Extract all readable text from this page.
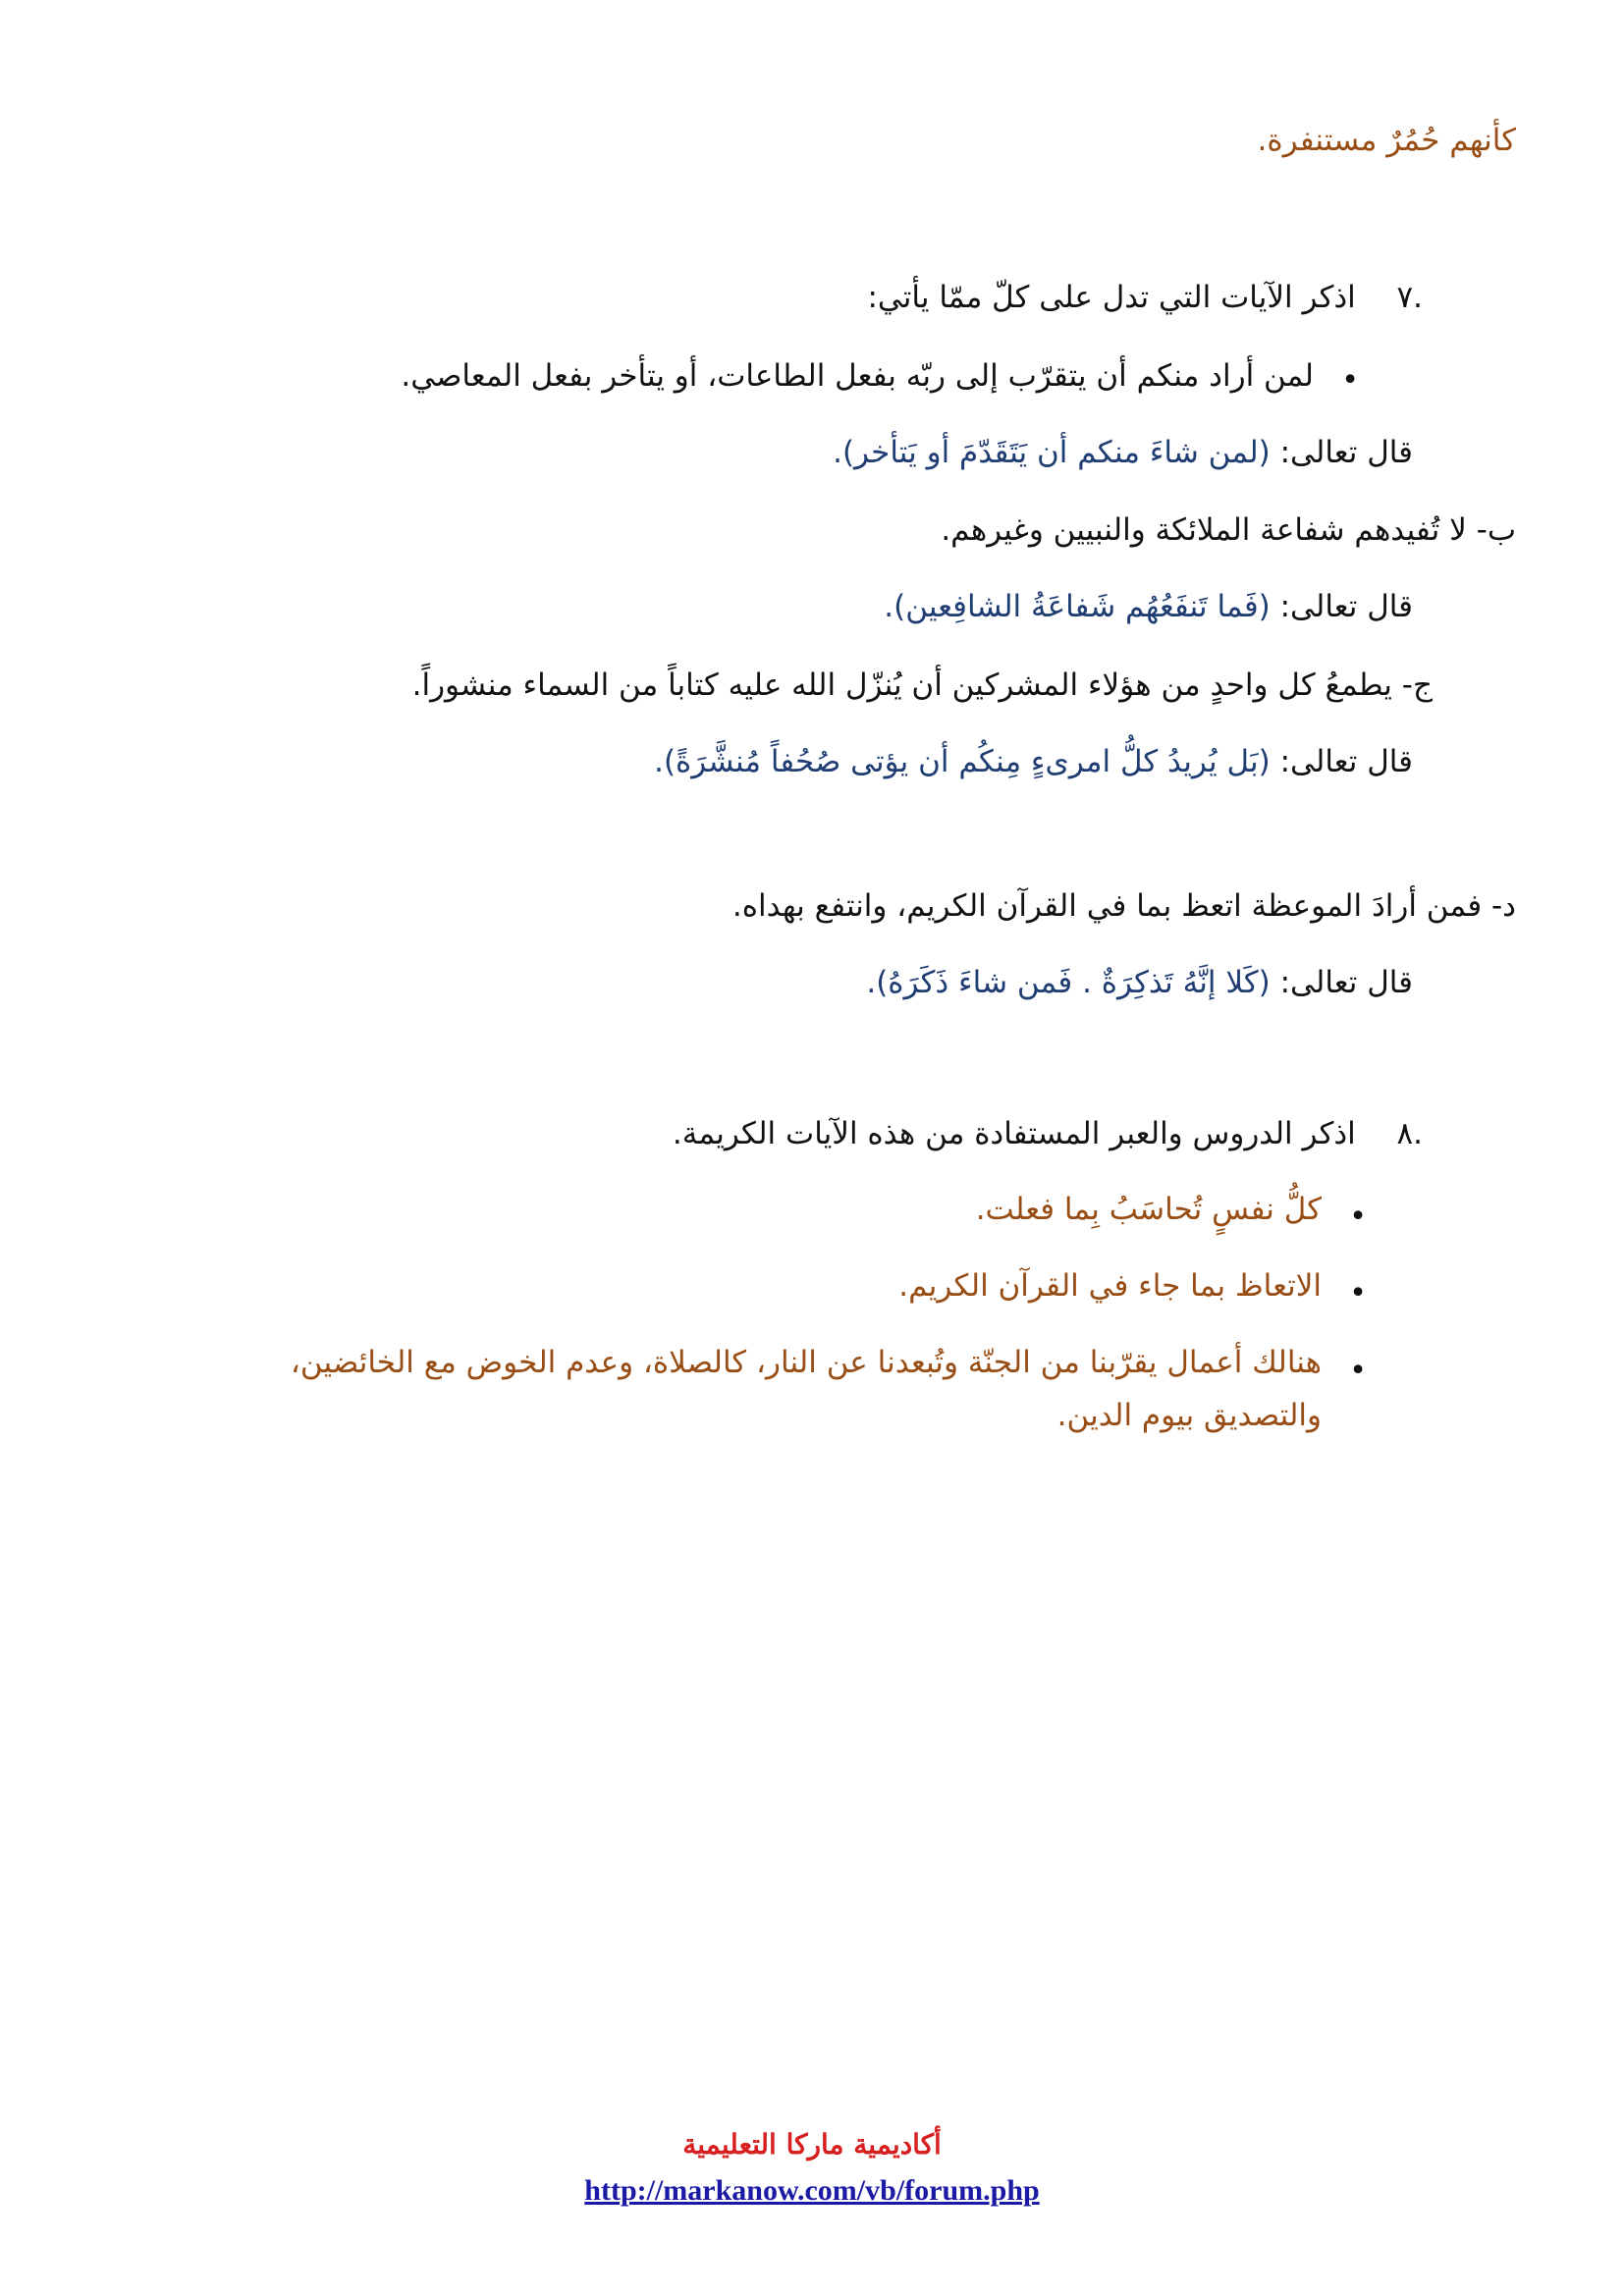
كأنهم حُمُرٌ مستنفرة.
.٧  اذكر الآيات التي تدل على كلّ ممّا يأتي:
•
لمن أراد منكم أن يتقرّب إلى ربّه بفعل الطاعات، أو يتأخر بفعل المعاصي.
قال تعالى: (لمن شاءَ منكم أن يَتَقَدّمَ أو يَتأخر).
ب- لا تُفيدهم شفاعة الملائكة والنبيين وغيرهم.
قال تعالى: (فَما تَنفَعُهُم شَفاعَةُ الشافِعين).
ج- يطمعُ كل واحدٍ من هؤلاء المشركين أن يُنزّل الله عليه كتاباً من السماء منشوراً.
قال تعالى: (بَل يُريدُ كلُّ امرىءٍ مِنكُم أن يؤتى صُحُفاً مُنشَّرَةً).
د- فمن أرادَ الموعظة اتعظ بما في القرآن الكريم، وانتفع بهداه.
قال تعالى: (كَلا إنَّهُ تَذكِرَةٌ . فَمن شاءَ ذَكَرَهُ).
.٨  اذكر الدروس والعبر المستفادة من هذه الآيات الكريمة.
•
كلُّ نفسٍ تُحاسَبُ بِما فعلت.
•
الاتعاظ بما جاء في القرآن الكريم.
•
هنالك أعمال يقرّبنا من الجنّة وتُبعدنا عن النار، كالصلاة، وعدم الخوض مع الخائضين،
والتصديق بيوم الدين.
أكاديمية ماركا التعليمية
http://markanow.com/vb/forum.php
